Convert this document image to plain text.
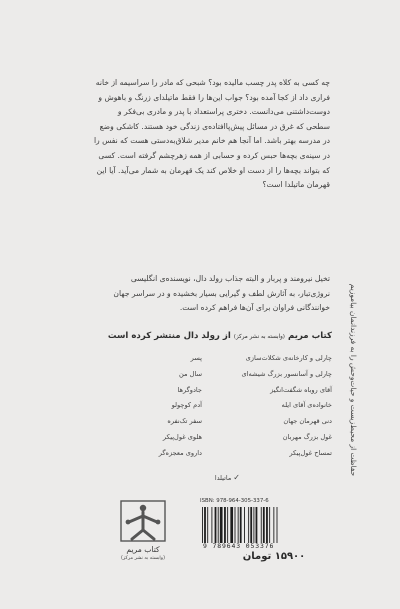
چه کسی به کلاه پدر چسب مالیده بود؟ شبحی که مادر را سراسیمه از خانه
فراری داد از کجا آمده بود؟ جواب این‌ها را فقط ماتیلدای زرنگ و باهوش و
دوست‌داشتنی می‌دانست. دختری پراستعداد با پدر و مادری بی‌فکر و
سطحی که غرق در مسائل پیش‌پاافتاده‌ی زندگی خود هستند. کاشکی وضع
در مدرسه بهتر باشد. اما آنجا هم خانم مدیر شلاق‌به‌دستی هست که نفس را
در سینه‌ی بچه‌ها حبس کرده و حسابی از همه زهرچشم گرفته است. کسی
که بتواند بچه‌ها را از دست او خلاص کند یک قهرمان به شمار می‌آید. آیا این
قهرمان ماتیلدا است؟
تخیل نیرومند و پربار و البته جذاب رولد دال، نویسنده‌ی انگلیسی
نروژی‌تبار، به آثارش لطف و گیرایی بسیار بخشیده و در سراسر جهان
خوانندگانی فراوان برای آن‌ها فراهم کرده است.	حفاظت از محیط‌زیست و حیات‌وحش را به فرزندانمان بیاموزیم
کتاب مریم (وابسته به نشر مرکز) از رولد دال منتشر کرده است
چارلی و کارخانه‌ی شکلات‌سازی
چارلی و آسانسور بزرگ شیشه‌ای
آقای روباه شگفت‌انگیز
خانواده‌ی آقای ایله
دنی قهرمان جهان
غول بزرگ مهربان
تمساح غول‌پیکر
پسر
سال من
جادوگرها
آدم کوچولو
سفر تک‌نفره
هلوی غول‌پیکر
داروی معجزه‌گر
✓ ماتیلدا
ISBN: 978-964-305-337-6
9 789643 053376
۱۵۹۰۰ تومان
کتاب مریم
(وابسته به نشر مرکز)
